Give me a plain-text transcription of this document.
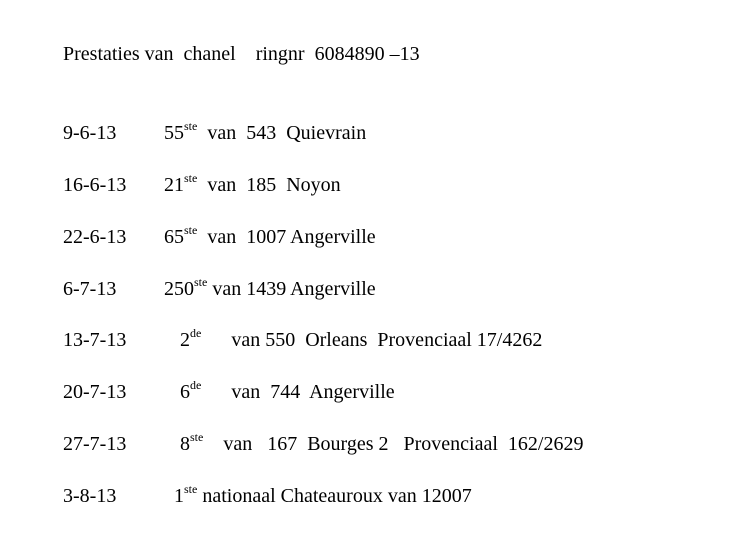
Prestaties van  chanel    ringnr  6084890 –13
9-6-13 55ste  van  543  Quievrain
16-6-13 21ste  van  185  Noyon
22-6-13 65ste  van  1007 Angerville
6-7-13 250ste van 1439 Angerville
13-7-13	2de      van 550  Orleans  Provenciaal 17/4262
20-7-13	6de      van  744  Angerville
27-7-13	8ste    van   167  Bourges 2   Provenciaal  162/2629
3-8-13	1ste nationaal Chateauroux van 12007
